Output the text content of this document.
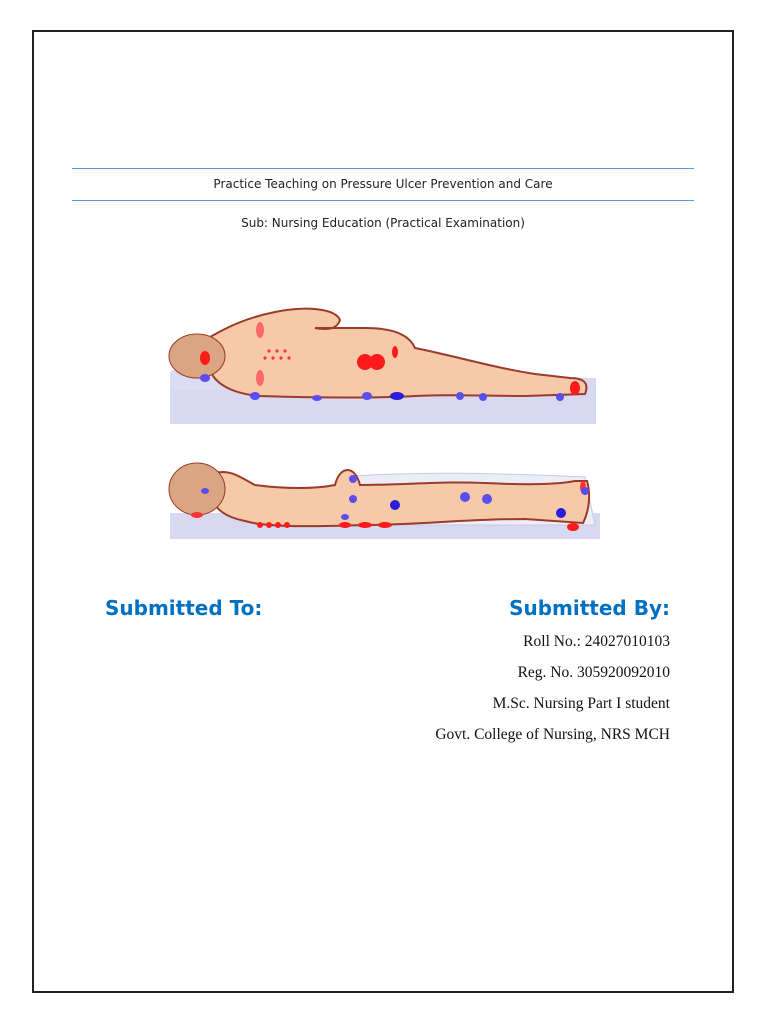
Practice Teaching on Pressure Ulcer Prevention and Care
Sub: Nursing Education (Practical Examination)
Submitted To:	Submitted By:
Roll No.: 24027010103
Reg. No. 305920092010
M.Sc. Nursing Part I student
Govt. College of Nursing, NRS MCH
